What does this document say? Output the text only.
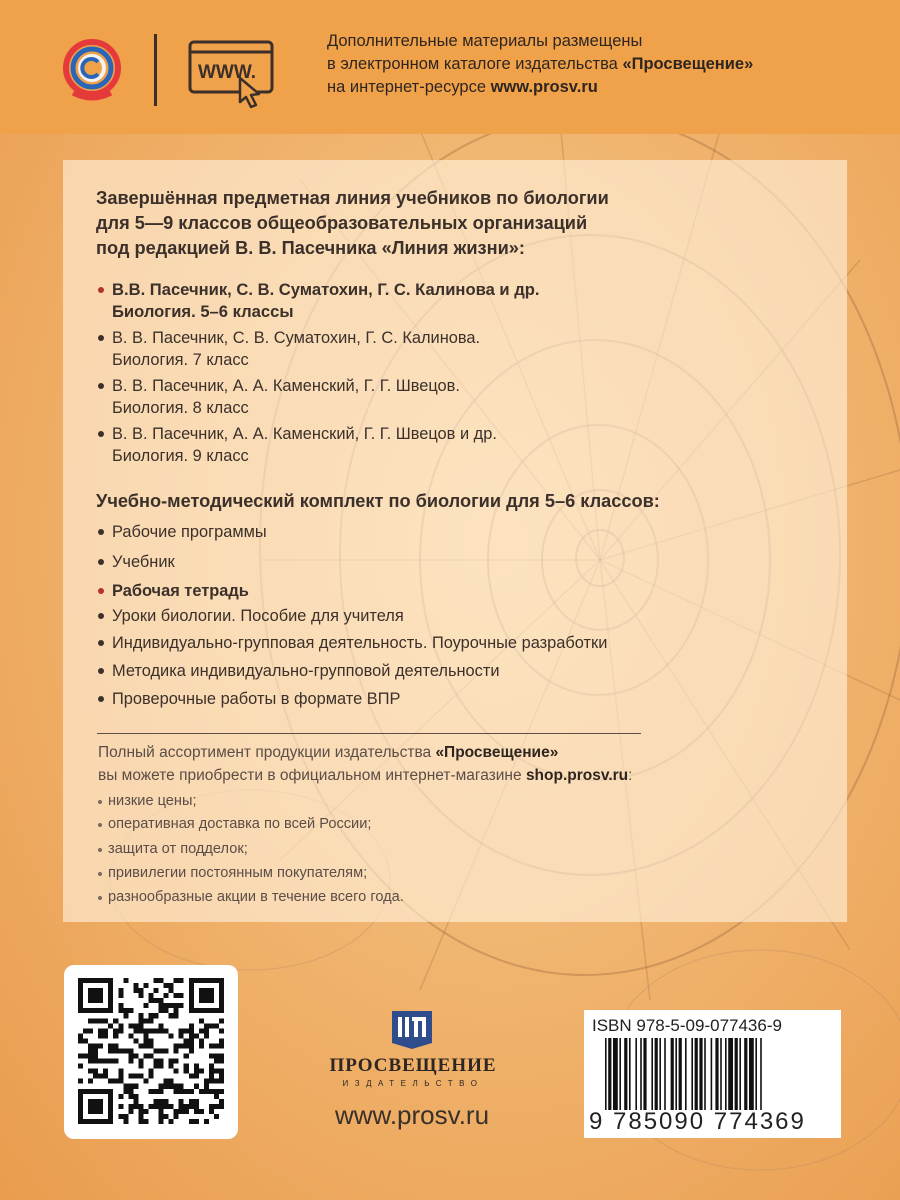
WWW.
Дополнительные материалы размещены
в электронном каталоге издательства «Просвещение»
на интернет-ресурсе www.prosv.ru
Завершённая предметная линия учебников по биологии
для 5—9 классов общеобразовательных организаций
под редакцией В. В. Пасечника «Линия жизни»:
В.В. Пасечник, С. В. Суматохин, Г. С. Калинова и др.
Биология. 5–6 классы
В. В. Пасечник, С. В. Суматохин, Г. С. Калинова.
Биология. 7 класс
В. В. Пасечник, А. А. Каменский, Г. Г. Швецов.
Биология. 8 класс
В. В. Пасечник, А. А. Каменский, Г. Г. Швецов и др.
Биология. 9 класс
Учебно-методический комплект по биологии для 5–6 классов:
Рабочие программы
Учебник
Рабочая тетрадь
Уроки биологии. Пособие для учителя
Индивидуально-групповая деятельность. Поурочные разработки
Методика индивидуально-групповой деятельности
Проверочные работы в формате ВПР
Полный ассортимент продукции издательства «Просвещение»
вы можете приобрести в официальном интернет-магазине shop.prosv.ru:
низкие цены;
оперативная доставка по всей России;
защита от подделок;
привилегии постоянным покупателям;
разнообразные акции в течение всего года.
ПРОСВЕЩЕНИЕ
ИЗДАТЕЛЬСТВО
www.prosv.ru
ISBN 978-5-09-077436-9
9 785090 774369
